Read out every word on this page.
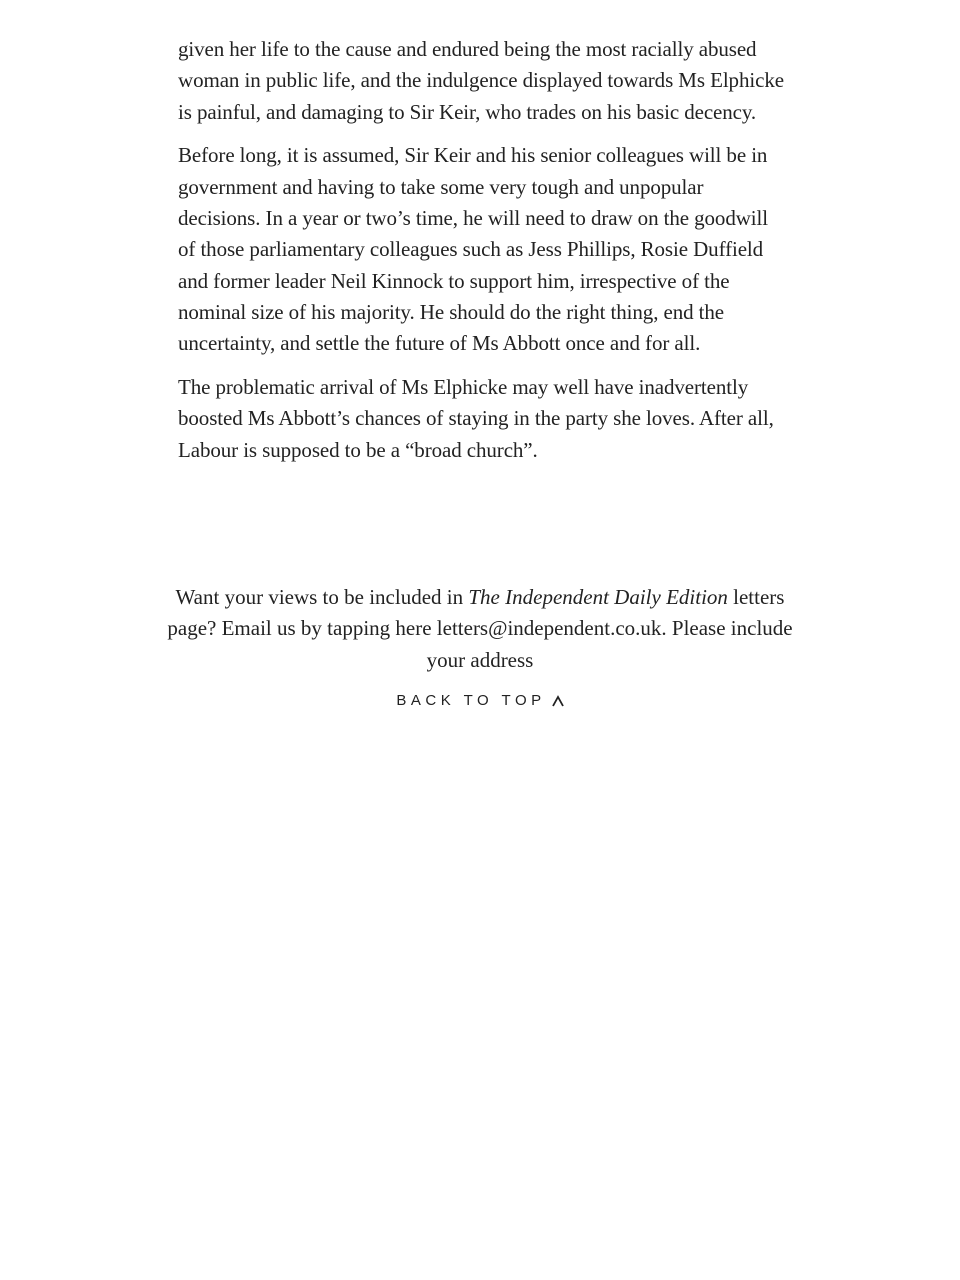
given her life to the cause and endured being the most racially abused woman in public life, and the indulgence displayed towards Ms Elphicke is painful, and damaging to Sir Keir, who trades on his basic decency.

Before long, it is assumed, Sir Keir and his senior colleagues will be in government and having to take some very tough and unpopular decisions. In a year or two’s time, he will need to draw on the goodwill of those parliamentary colleagues such as Jess Phillips, Rosie Duffield and former leader Neil Kinnock to support him, irrespective of the nominal size of his majority. He should do the right thing, end the uncertainty, and settle the future of Ms Abbott once and for all.

The problematic arrival of Ms Elphicke may well have inadvertently boosted Ms Abbott’s chances of staying in the party she loves. After all, Labour is supposed to be a “broad church”.

Want your views to be included in The Independent Daily Edition letters page? Email us by tapping here letters@independent.co.uk. Please include your address
BACK TO TOP
